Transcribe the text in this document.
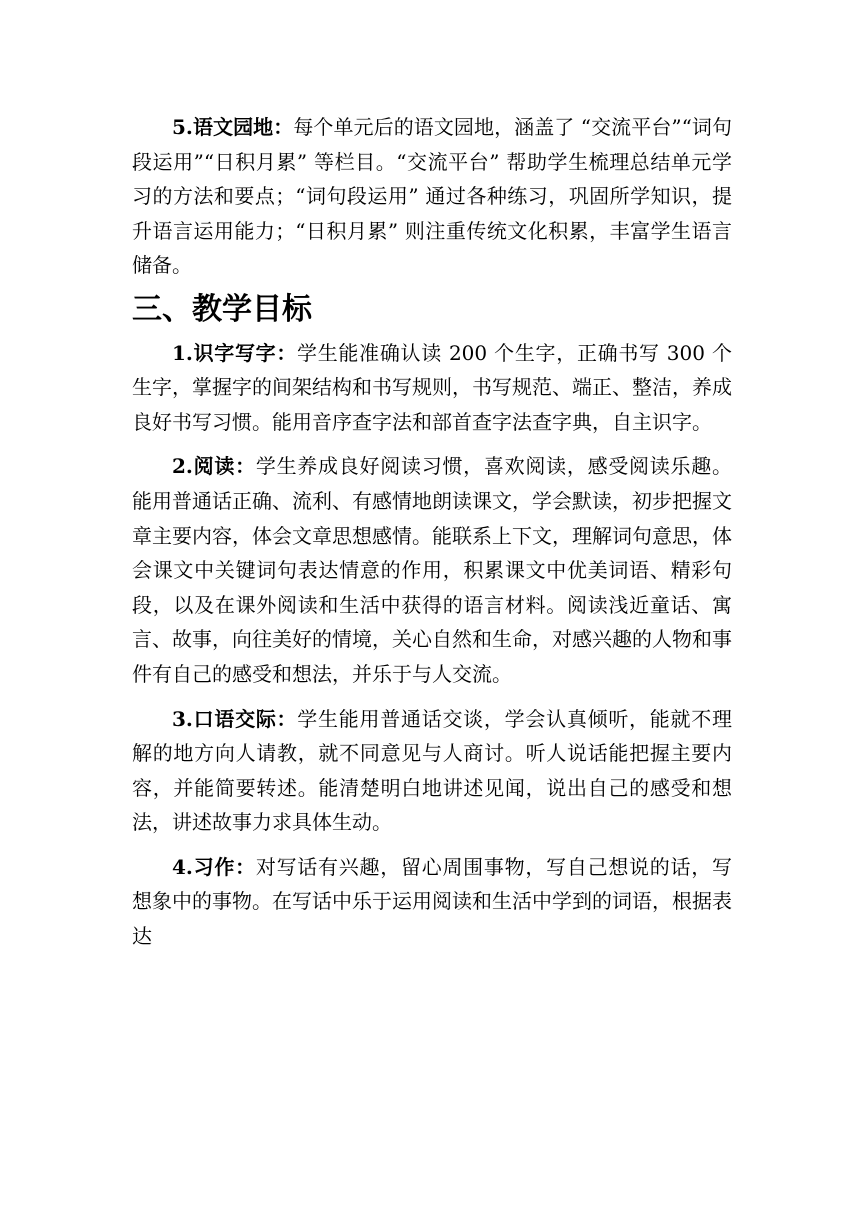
5.语文园地：每个单元后的语文园地，涵盖了 “交流平台”“词句段运用”“日积月累” 等栏目。“交流平台” 帮助学生梳理总结单元学习的方法和要点；“词句段运用” 通过各种练习，巩固所学知识，提升语言运用能力；“日积月累” 则注重传统文化积累，丰富学生语言储备。

三、教学目标

1.识字写字：学生能准确认读 200 个生字，正确书写 300 个生字，掌握字的间架结构和书写规则，书写规范、端正、整洁，养成良好书写习惯。能用音序查字法和部首查字法查字典，自主识字。

2.阅读：学生养成良好阅读习惯，喜欢阅读，感受阅读乐趣。能用普通话正确、流利、有感情地朗读课文，学会默读，初步把握文章主要内容，体会文章思想感情。能联系上下文，理解词句意思，体会课文中关键词句表达情意的作用，积累课文中优美词语、精彩句段，以及在课外阅读和生活中获得的语言材料。阅读浅近童话、寓言、故事，向往美好的情境，关心自然和生命，对感兴趣的人物和事件有自己的感受和想法，并乐于与人交流。

3.口语交际：学生能用普通话交谈，学会认真倾听，能就不理解的地方向人请教，就不同意见与人商讨。听人说话能把握主要内容，并能简要转述。能清楚明白地讲述见闻，说出自己的感受和想法，讲述故事力求具体生动。

4.习作：对写话有兴趣，留心周围事物，写自己想说的话，写想象中的事物。在写话中乐于运用阅读和生活中学到的词语，根据表达
